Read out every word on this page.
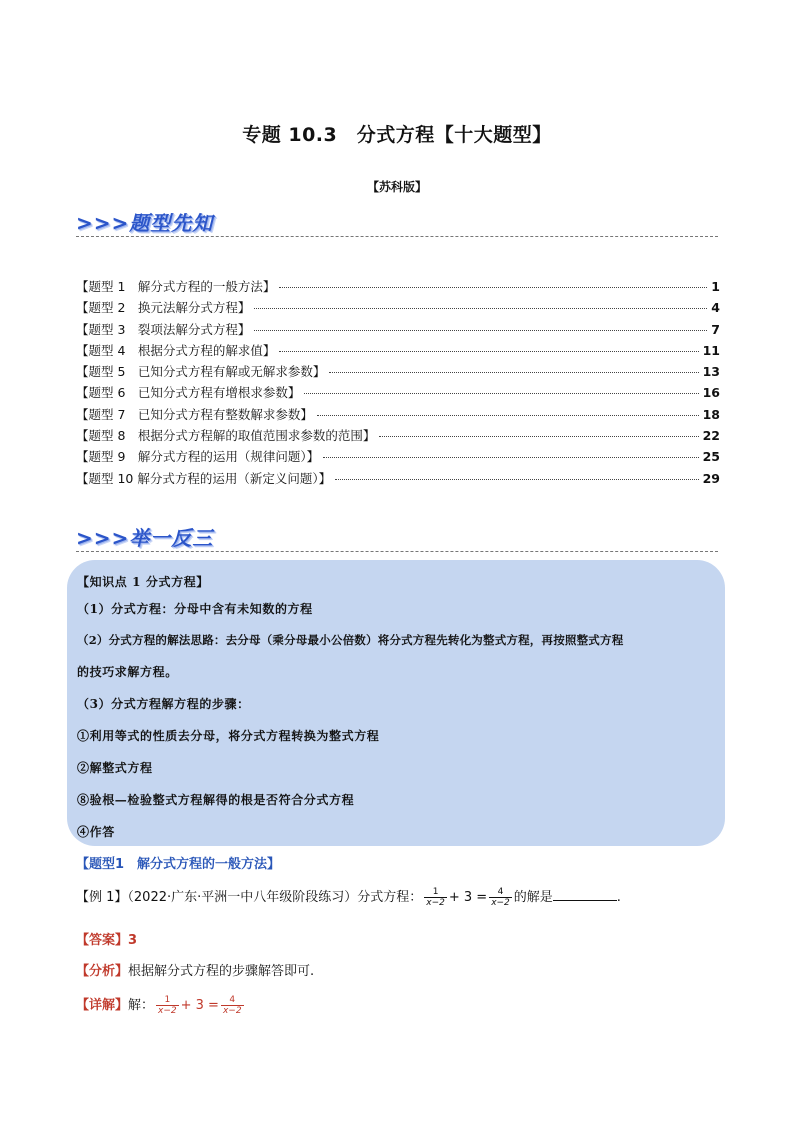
专题 10.3　分式方程【十大题型】
【苏科版】
>>>题型先知
【题型 1　解分式方程的一般方法】	1
【题型 2　换元法解分式方程】	4
【题型 3　裂项法解分式方程】	7
【题型 4　根据分式方程的解求值】	11
【题型 5　已知分式方程有解或无解求参数】	13
【题型 6　已知分式方程有增根求参数】	16
【题型 7　已知分式方程有整数解求参数】	18
【题型 8　根据分式方程解的取值范围求参数的范围】	22
【题型 9　解分式方程的运用（规律问题）】	25
【题型 10 解分式方程的运用（新定义问题）】	29
>>>举一反三
【知识点 1 分式方程】
（1）分式方程：分母中含有未知数的方程
（2）分式方程的解法思路：去分母（乘分母最小公倍数）将分式方程先转化为整式方程，再按照整式方程
的技巧求解方程。
（3）分式方程解方程的步骤：
①利用等式的性质去分母，将分式方程转换为整式方程
②解整式方程
⑧验根—检验整式方程解得的根是否符合分式方程
④作答
【题型1　解分式方程的一般方法】
【例 1】（2022·广东·平洲一中八年级阶段练习）分式方程： $\frac{1}{x-2} + 3 = \frac{4}{x-2}$ 的解是	.
【答案】3
【分析】根据解分式方程的步骤解答即可.
【详解】解： $\frac{1}{x-2} + 3 = \frac{4}{x-2}$
